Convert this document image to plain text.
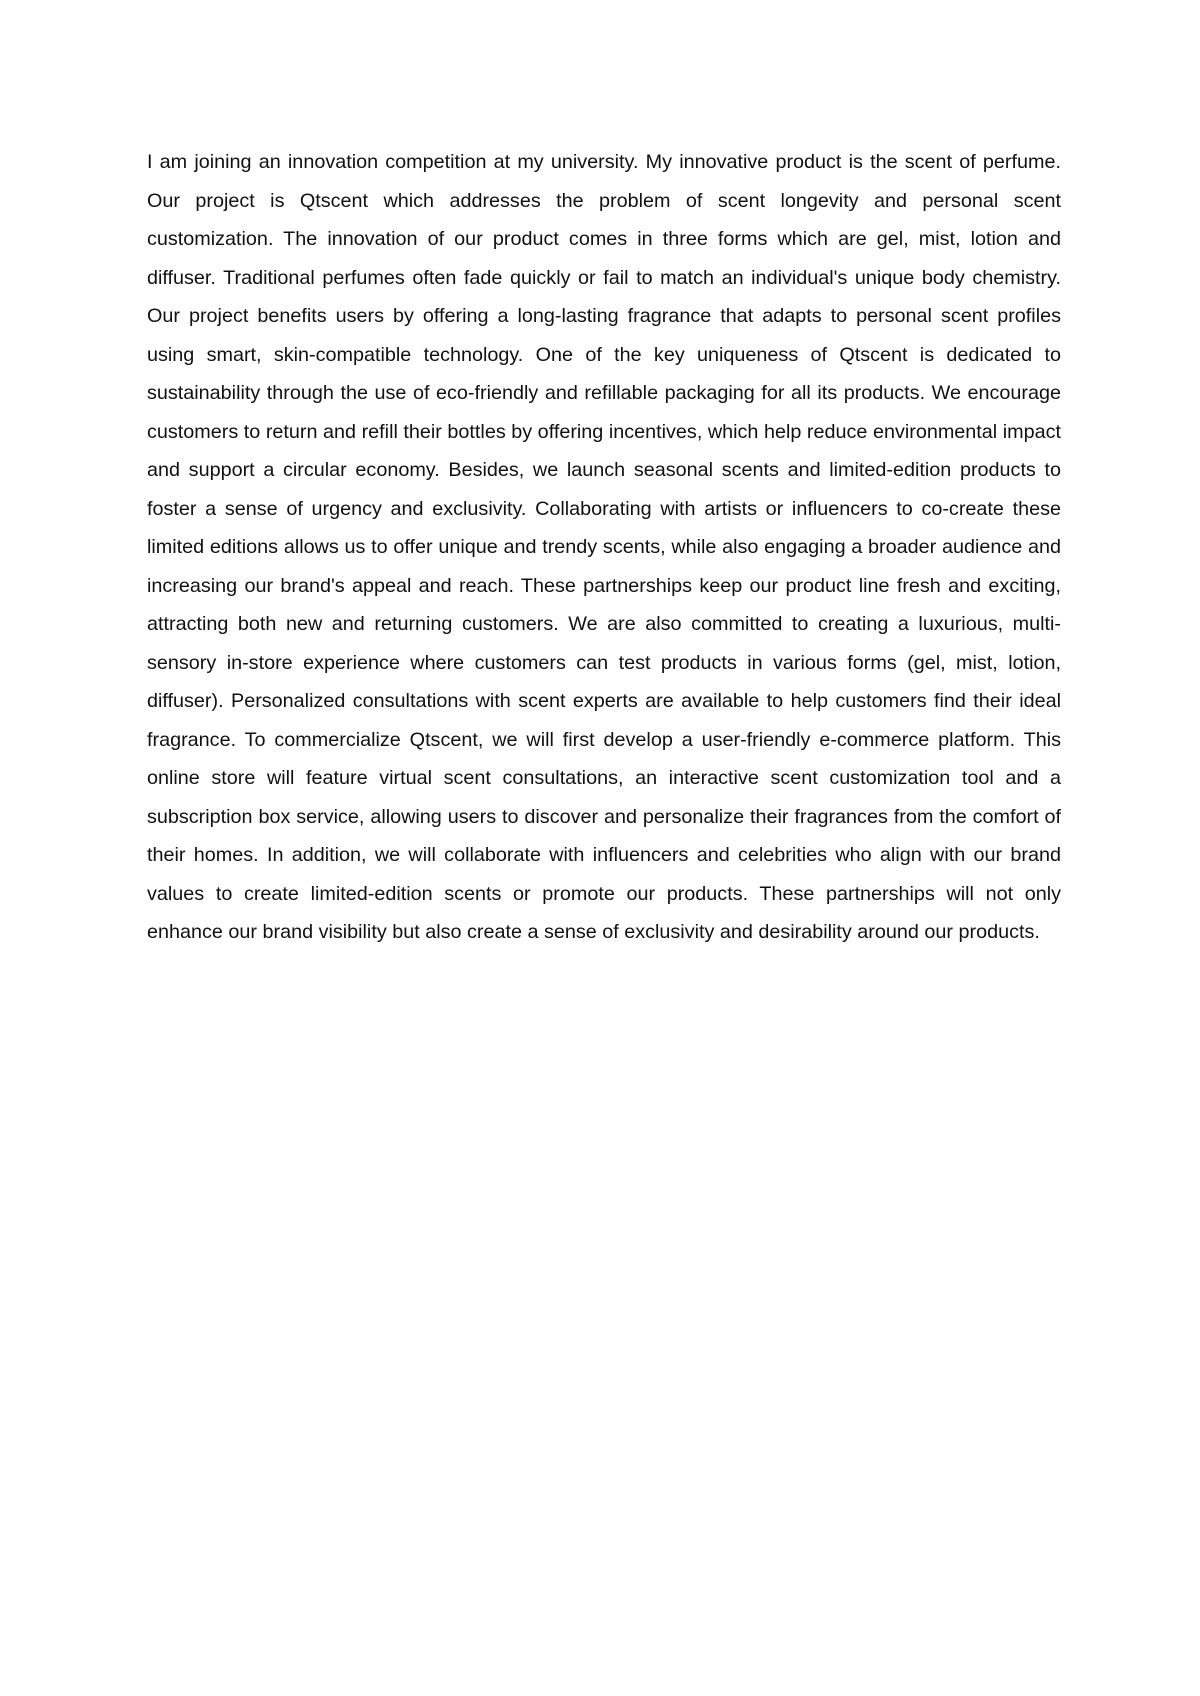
I am joining an innovation competition at my university. My innovative product is the scent of perfume. Our project is Qtscent which addresses the problem of scent longevity and personal scent customization. The innovation of our product comes in three forms which are gel, mist, lotion and diffuser. Traditional perfumes often fade quickly or fail to match an individual's unique body chemistry. Our project benefits users by offering a long-lasting fragrance that adapts to personal scent profiles using smart, skin-compatible technology. One of the key uniqueness of Qtscent is dedicated to sustainability through the use of eco-friendly and refillable packaging for all its products. We encourage customers to return and refill their bottles by offering incentives, which help reduce environmental impact and support a circular economy. Besides, we launch seasonal scents and limited-edition products to foster a sense of urgency and exclusivity. Collaborating with artists or influencers to co-create these limited editions allows us to offer unique and trendy scents, while also engaging a broader audience and increasing our brand's appeal and reach. These partnerships keep our product line fresh and exciting, attracting both new and returning customers. We are also committed to creating a luxurious, multi-sensory in-store experience where customers can test products in various forms (gel, mist, lotion, diffuser). Personalized consultations with scent experts are available to help customers find their ideal fragrance. To commercialize Qtscent, we will first develop a user-friendly e-commerce platform. This online store will feature virtual scent consultations, an interactive scent customization tool and a subscription box service, allowing users to discover and personalize their fragrances from the comfort of their homes. In addition, we will collaborate with influencers and celebrities who align with our brand values to create limited-edition scents or promote our products. These partnerships will not only enhance our brand visibility but also create a sense of exclusivity and desirability around our products.
